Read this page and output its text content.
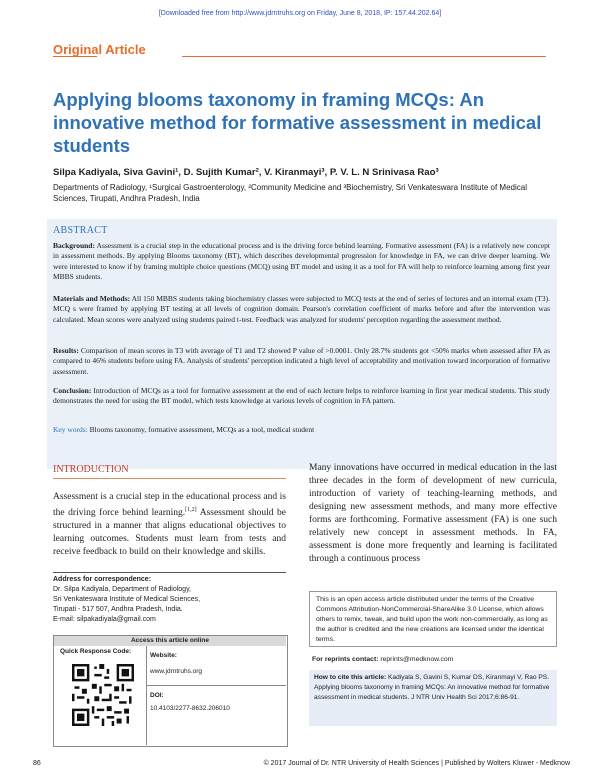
[Downloaded free from http://www.jdrntruhs.org on Friday, June 8, 2018, IP: 157.44.202.64]
Original Article
Applying blooms taxonomy in framing MCQs: An innovative method for formative assessment in medical students
Silpa Kadiyala, Siva Gavini¹, D. Sujith Kumar², V. Kiranmayi³, P. V. L. N Srinivasa Rao³
Departments of Radiology, ¹Surgical Gastroenterology, ²Community Medicine and ³Biochemistry, Sri Venkateswara Institute of Medical Sciences, Tirupati, Andhra Pradesh, India
ABSTRACT
Background: Assessment is a crucial step in the educational process and is the driving force behind learning. Formative assessment (FA) is a relatively new concept in assessment methods. By applying Blooms taxonomy (BT), which describes developmental progression for knowledge in FA, we can drive deeper learning. We were interested to know if by framing multiple choice questions (MCQ) using BT model and using it as a tool for FA will help to reinforce learning among first year MBBS students.
Materials and Methods: All 150 MBBS students taking biochemistry classes were subjected to MCQ tests at the end of series of lectures and an internal exam (T3). MCQ s were framed by applying BT testing at all levels of cognition domain. Pearson's correlation coefficient of marks before and after the intervention was calculated. Mean scores were analyzed using students paired t-test. Feedback was analyzed for students' perception regarding the assessment method.
Results: Comparison of mean scores in T3 with average of T1 and T2 showed P value of >0.0001. Only 28.7% students got <50% marks when assessed after FA as compared to 46% students before using FA. Analysis of students' perception indicated a high level of acceptability and motivation toward incorporation of formative assessment.
Conclusion: Introduction of MCQs as a tool for formative assessment at the end of each lecture helps to reinforce learning in first year medical students. This study demonstrates the need for using the BT model, which tests knowledge at various levels of cognition in FA pattern.
Key words: Blooms taxonomy, formative assessment, MCQs as a tool, medical student
INTRODUCTION
Assessment is a crucial step in the educational process and is the driving force behind learning.[1,2] Assessment should be structured in a manner that aligns educational objectives to learning outcomes. Students must learn from tests and receive feedback to build on their knowledge and skills.
Many innovations have occurred in medical education in the last three decades in the form of development of new curricula, introduction of variety of teaching-learning methods, and designing new assessment methods, and many more effective forms are forthcoming. Formative assessment (FA) is one such relatively new concept in assessment methods. In FA, assessment is done more frequently and learning is facilitated through a continuous process
Address for correspondence:
Dr. Silpa Kadiyala, Department of Radiology,
Sri Venkateswara Institute of Medical Sciences,
Tirupati - 517 507, Andhra Pradesh, India.
E-mail: silpakadiyala@gmail.com
Access this article online
Quick Response Code:
Website:
www.jdrntruhs.org
DOI:
10.4103/2277-8632.206010
This is an open access article distributed under the terms of the Creative Commons Attribution-NonCommercial-ShareAlike 3.0 License, which allows others to remix, tweak, and build upon the work non-commercially, as long as the author is credited and the new creations are licensed under the identical terms.
For reprints contact: reprints@medknow.com
How to cite this article: Kadiyala S, Gavini S, Kumar DS, Kiranmayi V, Rao PS. Applying blooms taxonomy in framing MCQs: An innovative method for formative assessment in medical students. J NTR Univ Health Sci 2017;6:86-91.
86	© 2017 Journal of Dr. NTR University of Health Sciences | Published by Wolters Kluwer - Medknow
